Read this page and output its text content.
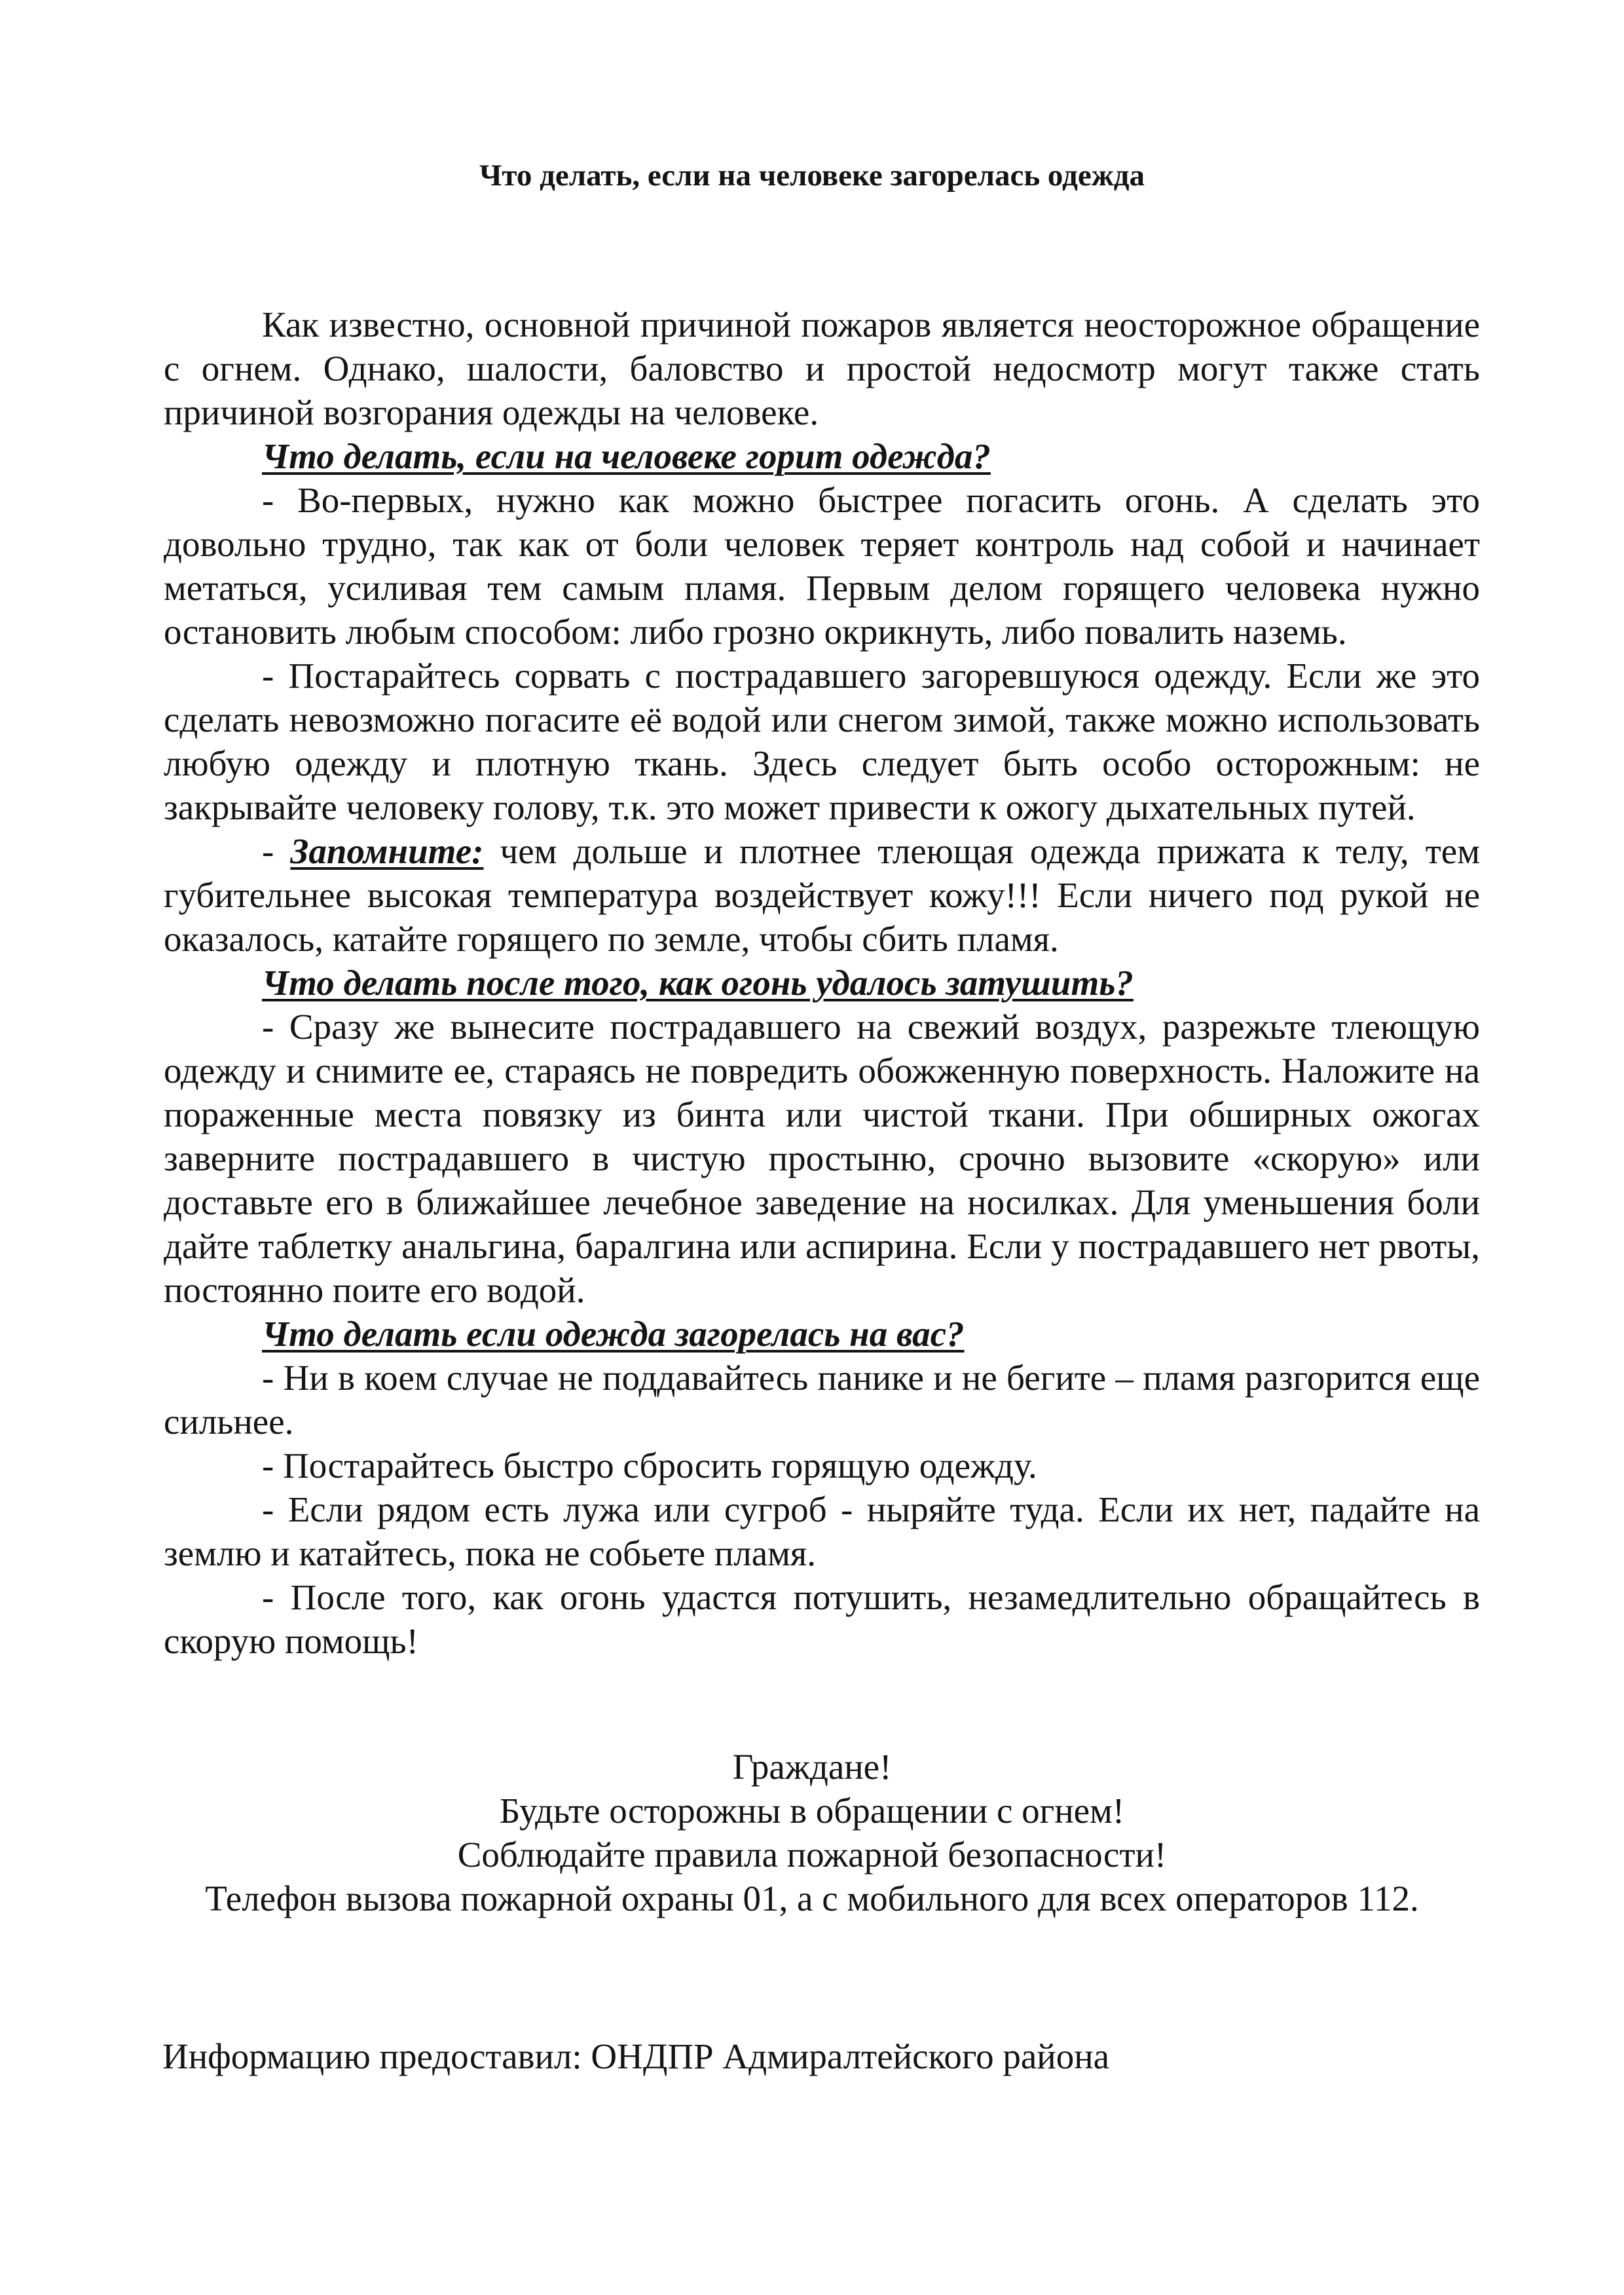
Что делать, если на человеке загорелась одежда

Как известно, основной причиной пожаров является неосторожное обращение с огнем. Однако, шалости, баловство и простой недосмотр могут также стать причиной возгорания одежды на человеке.

Что делать, если на человеке горит одежда?

- Во-первых, нужно как можно быстрее погасить огонь. А сделать это довольно трудно, так как от боли человек теряет контроль над собой и начинает метаться, усиливая тем самым пламя. Первым делом горящего человека нужно остановить любым способом: либо грозно окрикнуть, либо повалить наземь.

- Постарайтесь сорвать с пострадавшего загоревшуюся одежду. Если же это сделать невозможно погасите её водой или снегом зимой, также можно использовать любую одежду и плотную ткань. Здесь следует быть особо осторожным: не закрывайте человеку голову, т.к. это может привести к ожогу дыхательных путей.

- Запомните: чем дольше и плотнее тлеющая одежда прижата к телу, тем губительнее высокая температура воздействует кожу!!! Если ничего под рукой не оказалось, катайте горящего по земле, чтобы сбить пламя.

Что делать после того, как огонь удалось затушить?

- Сразу же вынесите пострадавшего на свежий воздух, разрежьте тлеющую одежду и снимите ее, стараясь не повредить обожженную поверхность. Наложите на пораженные места повязку из бинта или чистой ткани. При обширных ожогах заверните пострадавшего в чистую простыню, срочно вызовите «скорую» или доставьте его в ближайшее лечебное заведение на носилках. Для уменьшения боли дайте таблетку анальгина, баралгина или аспирина. Если у пострадавшего нет рвоты, постоянно поите его водой.

Что делать если одежда загорелась на вас?

- Ни в коем случае не поддавайтесь панике и не бегите – пламя разгорится еще сильнее.

- Постарайтесь быстро сбросить горящую одежду.

- Если рядом есть лужа или сугроб - ныряйте туда. Если их нет, падайте на землю и катайтесь, пока не собьете пламя.

- После того, как огонь удастся потушить, незамедлительно обращайтесь в скорую помощь!

Граждане!
Будьте осторожны в обращении с огнем!
Соблюдайте правила пожарной безопасности!
Телефон вызова пожарной охраны 01, а с мобильного для всех операторов 112.
Информацию предоставил: ОНДПР Адмиралтейского района
